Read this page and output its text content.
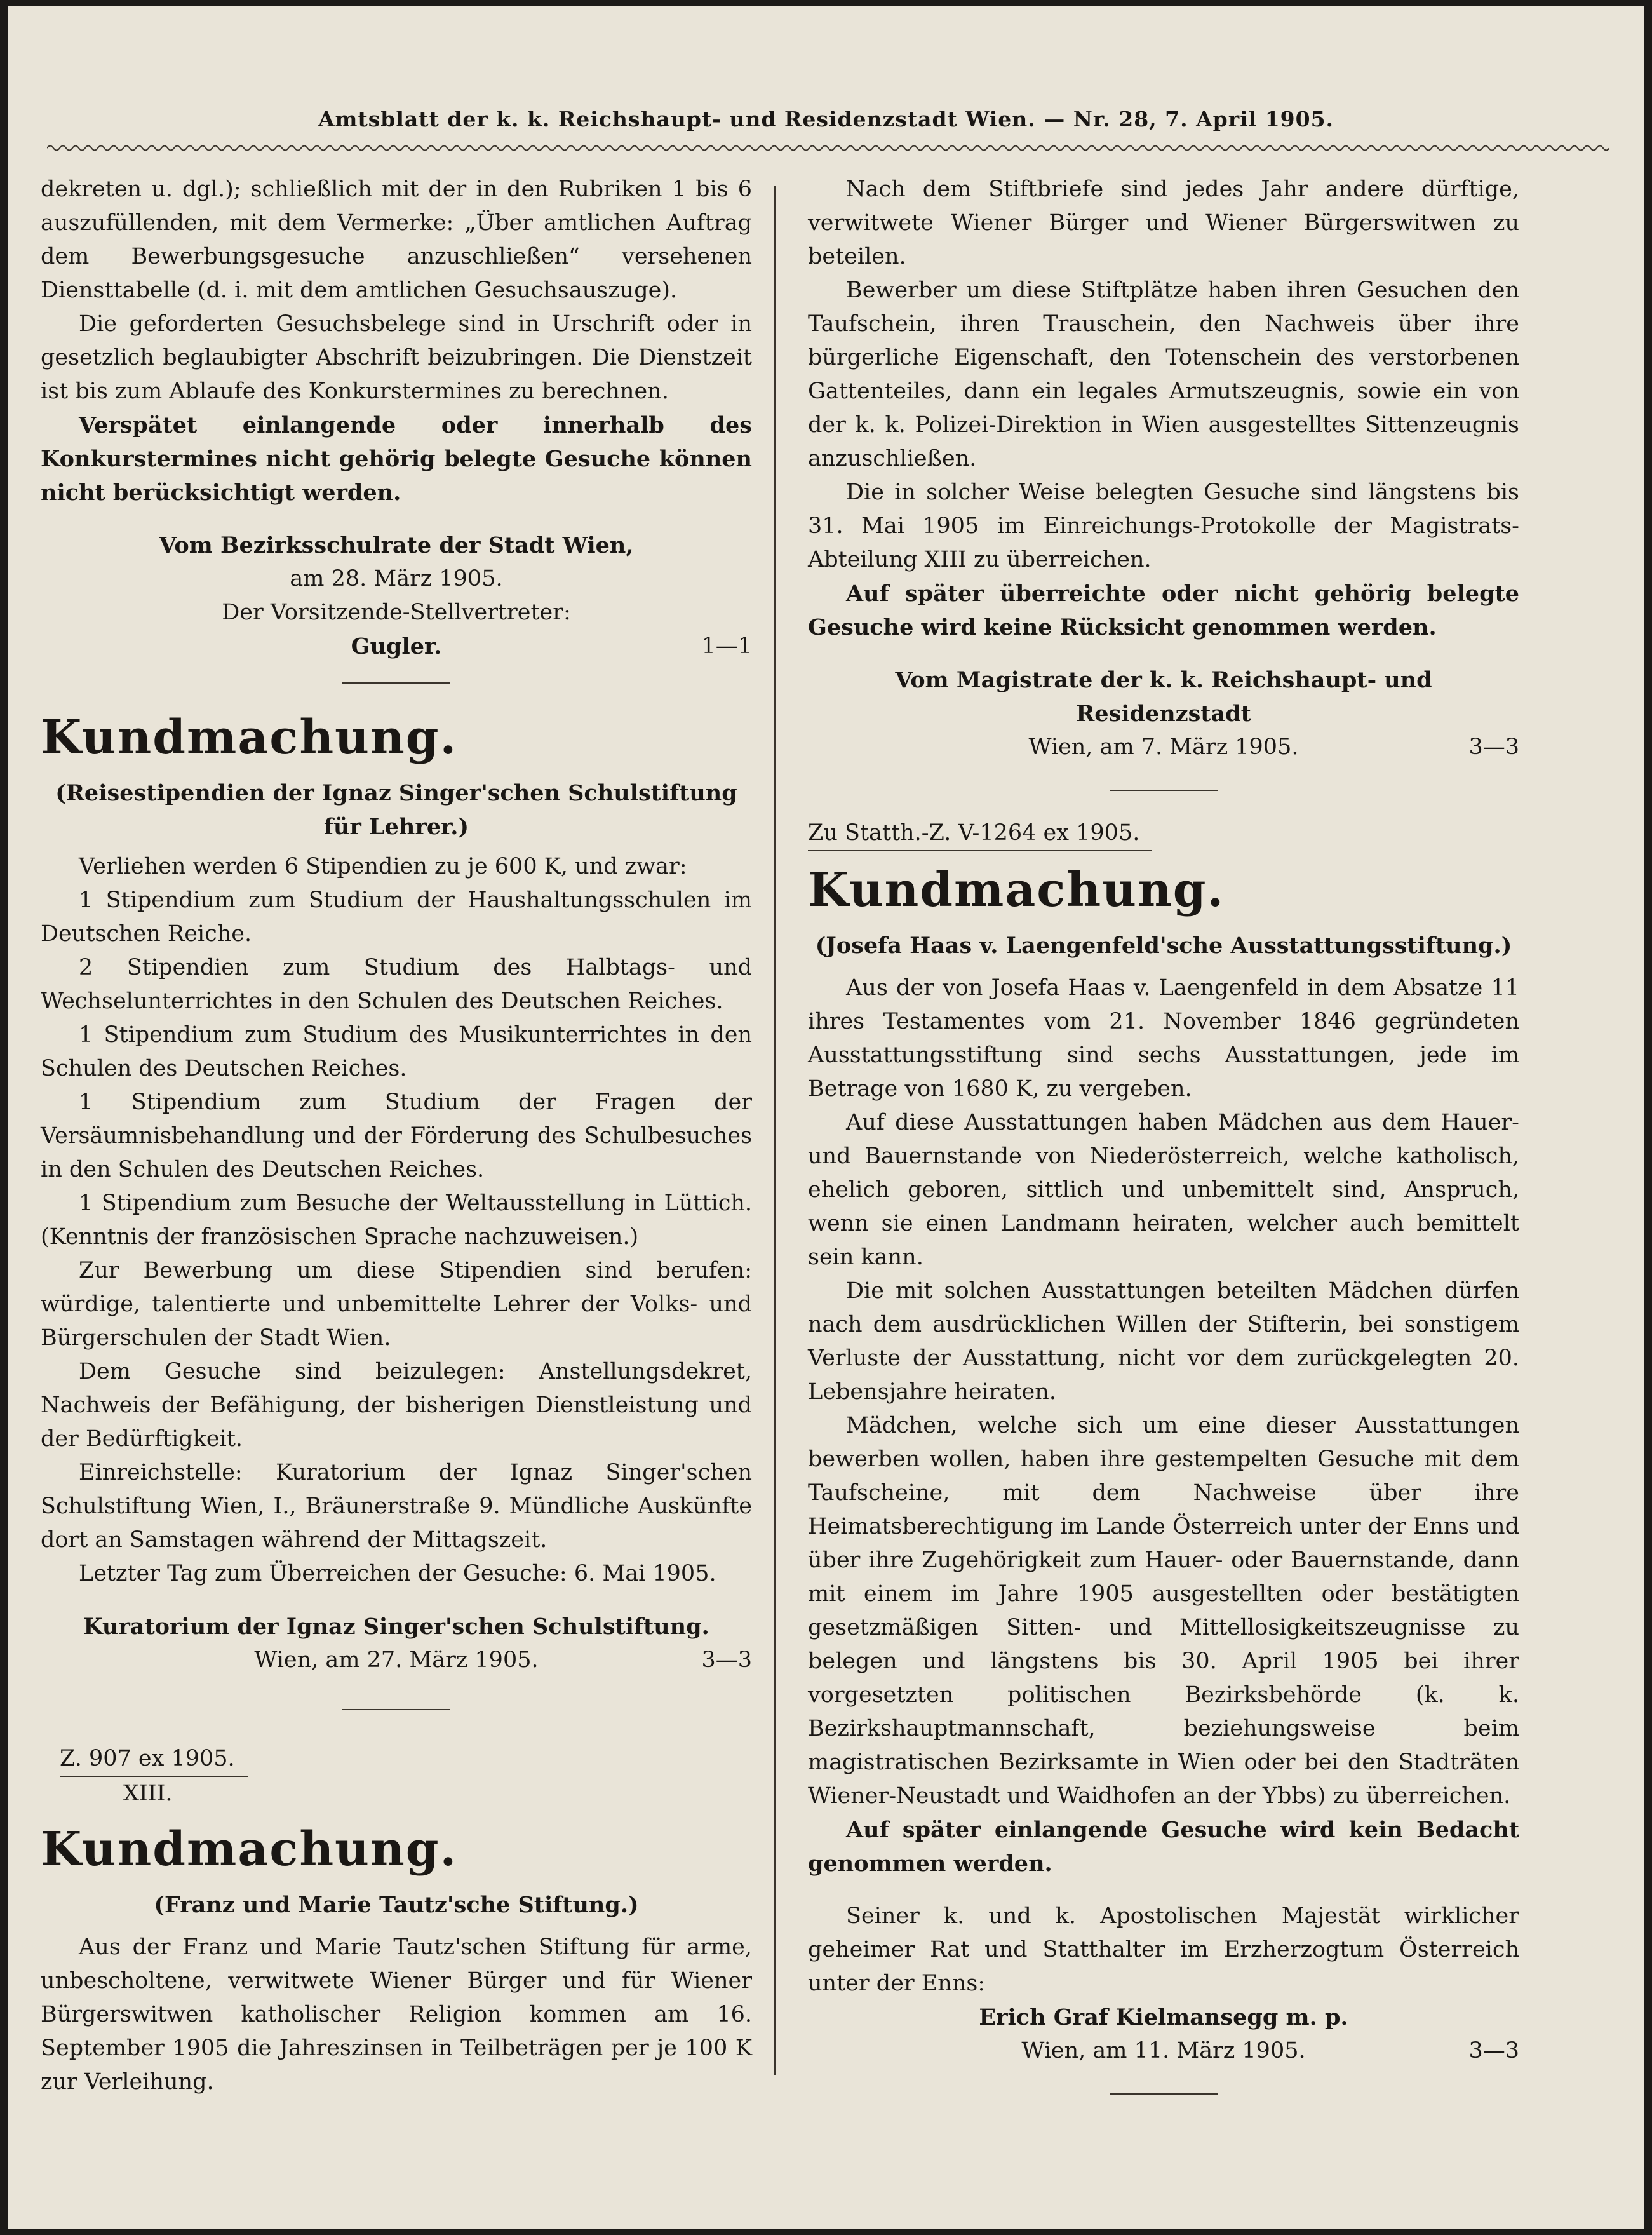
Amtsblatt der k. k. Reichshaupt- und Residenzstadt Wien. — Nr. 28, 7. April 1905.

dekreten u. dgl.); schließlich mit der in den Rubriken 1 bis 6 auszufüllenden, mit dem Vermerke: „Über amtlichen Auftrag dem Bewerbungsgesuche anzuschließen“ versehenen Diensttabelle (d. i. mit dem amtlichen Gesuchsauszuge).

Die geforderten Gesuchsbelege sind in Urschrift oder in gesetzlich beglaubigter Abschrift beizubringen. Die Dienstzeit ist bis zum Ablaufe des Konkurstermines zu berechnen.

Verspätet einlangende oder innerhalb des Konkurstermines nicht gehörig belegte Gesuche können nicht berücksichtigt werden.

Vom Bezirksschulrate der Stadt Wien,

am 28. März 1905.

Der Vorsitzende-Stellvertreter:

Gugler.	1—1

Kundmachung.

(Reisestipendien der Ignaz Singer'schen Schulstiftung für Lehrer.)

Verliehen werden 6 Stipendien zu je 600 K, und zwar:

1 Stipendium zum Studium der Haushaltungsschulen im Deutschen Reiche.

2 Stipendien zum Studium des Halbtags- und Wechselunterrichtes in den Schulen des Deutschen Reiches.

1 Stipendium zum Studium des Musikunterrichtes in den Schulen des Deutschen Reiches.

1 Stipendium zum Studium der Fragen der Versäumnisbehandlung und der Förderung des Schulbesuches in den Schulen des Deutschen Reiches.

1 Stipendium zum Besuche der Weltausstellung in Lüttich. (Kenntnis der französischen Sprache nachzuweisen.)

Zur Bewerbung um diese Stipendien sind berufen: würdige, talentierte und unbemittelte Lehrer der Volks- und Bürgerschulen der Stadt Wien.

Dem Gesuche sind beizulegen: Anstellungsdekret, Nachweis der Befähigung, der bisherigen Dienstleistung und der Bedürftigkeit.

Einreichstelle: Kuratorium der Ignaz Singer'schen Schulstiftung Wien, I., Bräunerstraße 9. Mündliche Auskünfte dort an Samstagen während der Mittagszeit.

Letzter Tag zum Überreichen der Gesuche: 6. Mai 1905.

Kuratorium der Ignaz Singer'schen Schulstiftung.

Wien, am 27. März 1905.	3—3

Z. 907 ex 1905.

XIII.

Kundmachung.

(Franz und Marie Tautz'sche Stiftung.)

Aus der Franz und Marie Tautz'schen Stiftung für arme, unbescholtene, verwitwete Wiener Bürger und für Wiener Bürgerswitwen katholischer Religion kommen am 16. September 1905 die Jahreszinsen in Teilbeträgen per je 100 K zur Verleihung.

Nach dem Stiftbriefe sind jedes Jahr andere dürftige, verwitwete Wiener Bürger und Wiener Bürgerswitwen zu beteilen.

Bewerber um diese Stiftplätze haben ihren Gesuchen den Taufschein, ihren Trauschein, den Nachweis über ihre bürgerliche Eigenschaft, den Totenschein des verstorbenen Gattenteiles, dann ein legales Armutszeugnis, sowie ein von der k. k. Polizei-Direktion in Wien ausgestelltes Sittenzeugnis anzuschließen.

Die in solcher Weise belegten Gesuche sind längstens bis 31. Mai 1905 im Einreichungs-Protokolle der Magistrats-Abteilung XIII zu überreichen.

Auf später überreichte oder nicht gehörig belegte Gesuche wird keine Rücksicht genommen werden.

Vom Magistrate der k. k. Reichshaupt- und Residenzstadt

Wien, am 7. März 1905.	3—3

Zu Statth.-Z. V-1264 ex 1905.

Kundmachung.

(Josefa Haas v. Laengenfeld'sche Ausstattungsstiftung.)

Aus der von Josefa Haas v. Laengenfeld in dem Absatze 11 ihres Testamentes vom 21. November 1846 gegründeten Ausstattungsstiftung sind sechs Ausstattungen, jede im Betrage von 1680 K, zu vergeben.

Auf diese Ausstattungen haben Mädchen aus dem Hauer- und Bauernstande von Niederösterreich, welche katholisch, ehelich geboren, sittlich und unbemittelt sind, Anspruch, wenn sie einen Landmann heiraten, welcher auch bemittelt sein kann.

Die mit solchen Ausstattungen beteilten Mädchen dürfen nach dem ausdrücklichen Willen der Stifterin, bei sonstigem Verluste der Ausstattung, nicht vor dem zurückgelegten 20. Lebensjahre heiraten.

Mädchen, welche sich um eine dieser Ausstattungen bewerben wollen, haben ihre gestempelten Gesuche mit dem Taufscheine, mit dem Nachweise über ihre Heimatsberechtigung im Lande Österreich unter der Enns und über ihre Zugehörigkeit zum Hauer- oder Bauernstande, dann mit einem im Jahre 1905 ausgestellten oder bestätigten gesetzmäßigen Sitten- und Mittellosigkeitszeugnisse zu belegen und längstens bis 30. April 1905 bei ihrer vorgesetzten politischen Bezirksbehörde (k. k. Bezirkshauptmannschaft, beziehungsweise beim magistratischen Bezirksamte in Wien oder bei den Stadträten Wiener-Neustadt und Waidhofen an der Ybbs) zu überreichen.

Auf später einlangende Gesuche wird kein Bedacht genommen werden.

Seiner k. und k. Apostolischen Majestät wirklicher geheimer Rat und Statthalter im Erzherzogtum Österreich unter der Enns:

Erich Graf Kielmansegg m. p.

Wien, am 11. März 1905.	3—3
